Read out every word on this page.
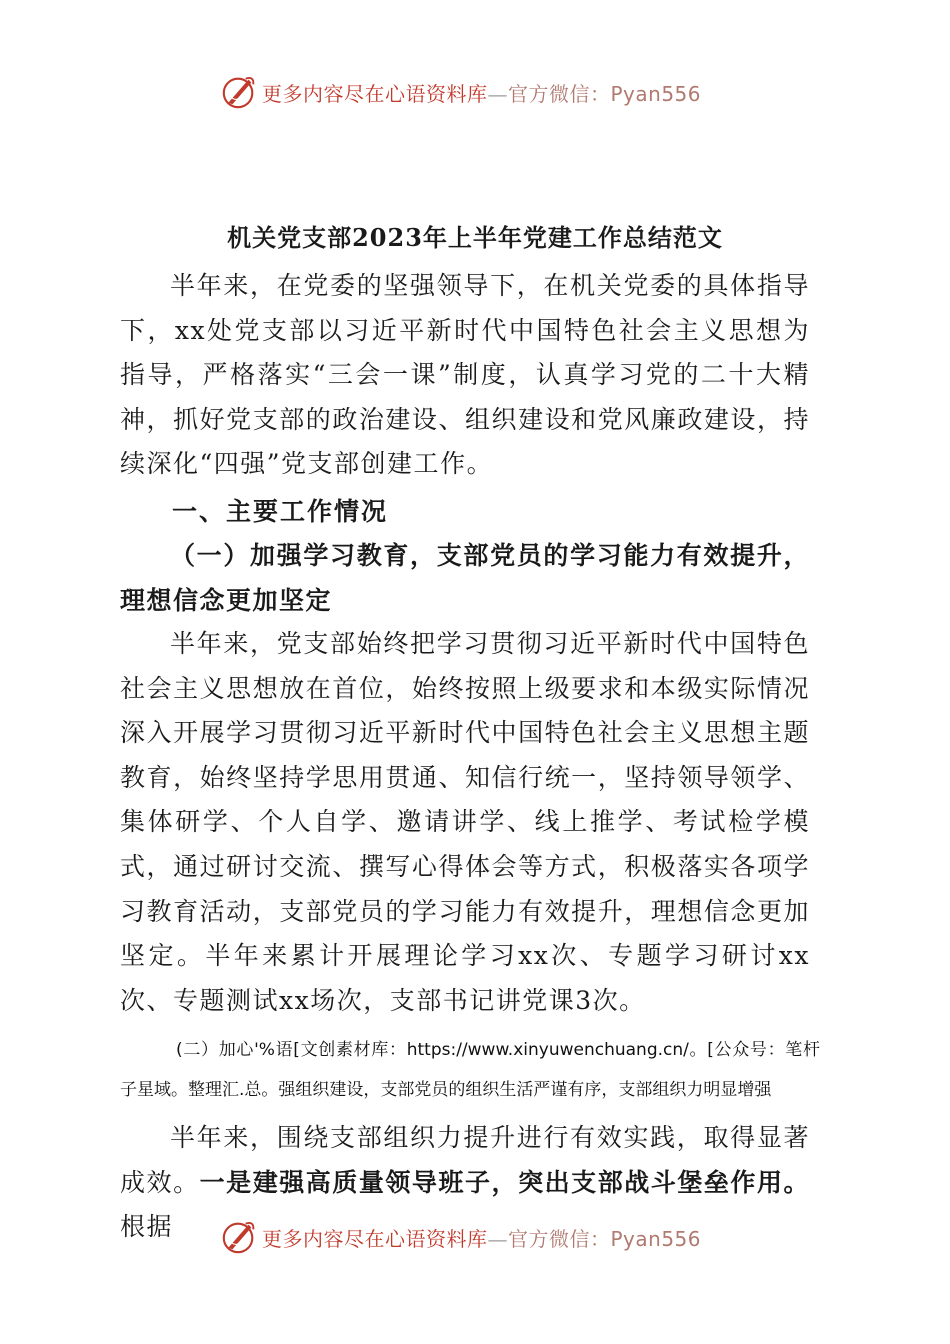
更多内容尽在心语资料库—官方微信：Pyan556
机关党支部2023年上半年党建工作总结范文

半年来，在党委的坚强领导下，在机关党委的具体指导下，xx处党支部以习近平新时代中国特色社会主义思想为指导，严格落实“三会一课”制度，认真学习党的二十大精神，抓好党支部的政治建设、组织建设和党风廉政建设，持续深化“四强”党支部创建工作。

一、主要工作情况
（一）加强学习教育，支部党员的学习能力有效提升，理想信念更加坚定

半年来，党支部始终把学习贯彻习近平新时代中国特色社会主义思想放在首位，始终按照上级要求和本级实际情况深入开展学习贯彻习近平新时代中国特色社会主义思想主题教育，始终坚持学思用贯通、知信行统一，坚持领导领学、集体研学、个人自学、邀请讲学、线上推学、考试检学模式，通过研讨交流、撰写心得体会等方式，积极落实各项学习教育活动，支部党员的学习能力有效提升，理想信念更加坚定。半年来累计开展理论学习xx次、专题学习研讨xx次、专题测试xx场次，支部书记讲党课3次。

(二）加心'%语[文创素材库：https://www.xinyuwenchuang.cn/。[公众号：笔杆子星域。整理汇.总。强组织建设，支部党员的组织生活严谨有序，支部组织力明显增强

半年来，围绕支部组织力提升进行有效实践，取得显著成效。一是建强高质量领导班子，突出支部战斗堡垒作用。根据	更多内容尽在心语资料库—官方微信：Pyan556
